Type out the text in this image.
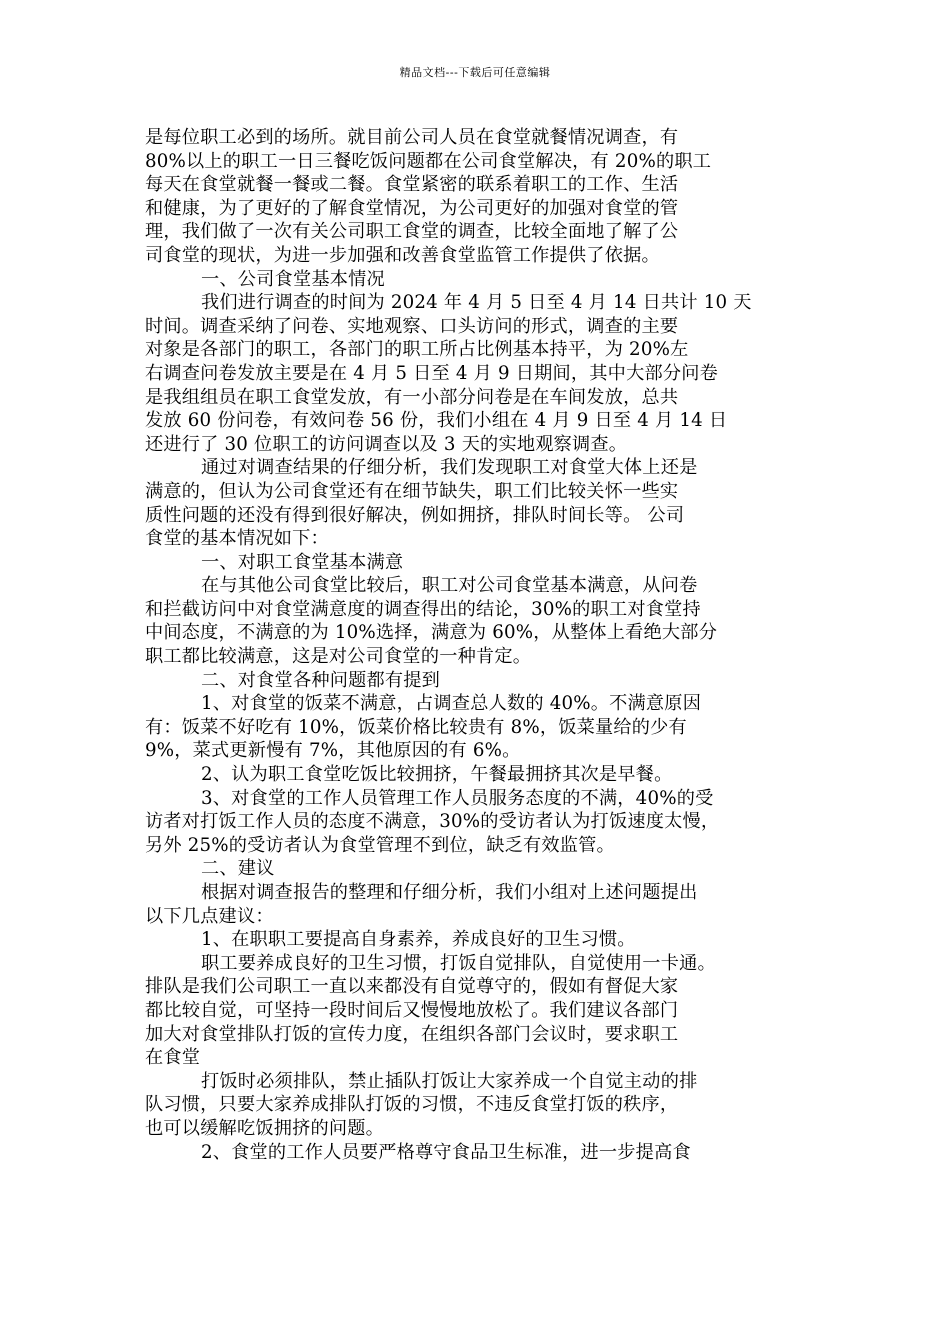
精品文档---下载后可任意编辑
是每位职工必到的场所。就目前公司人员在食堂就餐情况调查，有
80%以上的职工一日三餐吃饭问题都在公司食堂解决，有 20%的职工
每天在食堂就餐一餐或二餐。食堂紧密的联系着职工的工作、生活
和健康，为了更好的了解食堂情况，为公司更好的加强对食堂的管
理，我们做了一次有关公司职工食堂的调查，比较全面地了解了公
司食堂的现状，为进一步加强和改善食堂监管工作提供了依据。
一、公司食堂基本情况
我们进行调查的时间为 2024 年 4 月 5 日至 4 月 14 日共计 10 天
时间。调查采纳了问卷、实地观察、口头访问的形式，调查的主要
对象是各部门的职工，各部门的职工所占比例基本持平，为 20%左
右调查问卷发放主要是在 4 月 5 日至 4 月 9 日期间，其中大部分问卷
是我组组员在职工食堂发放，有一小部分问卷是在车间发放，总共
发放 60 份问卷，有效问卷 56 份，我们小组在 4 月 9 日至 4 月 14 日
还进行了 30 位职工的访问调查以及 3 天的实地观察调查。
通过对调查结果的仔细分析，我们发现职工对食堂大体上还是
满意的，但认为公司食堂还有在细节缺失，职工们比较关怀一些实
质性问题的还没有得到很好解决，例如拥挤，排队时间长等。 公司
食堂的基本情况如下：
一、对职工食堂基本满意
在与其他公司食堂比较后，职工对公司食堂基本满意，从问卷
和拦截访问中对食堂满意度的调查得出的结论，30%的职工对食堂持
中间态度，不满意的为 10%选择，满意为 60%，从整体上看绝大部分
职工都比较满意，这是对公司食堂的一种肯定。
二、对食堂各种问题都有提到
1、对食堂的饭菜不满意，占调查总人数的 40%。不满意原因
有：饭菜不好吃有 10%，饭菜价格比较贵有 8%，饭菜量给的少有
9%，菜式更新慢有 7%，其他原因的有 6%。
2、认为职工食堂吃饭比较拥挤，午餐最拥挤其次是早餐。
3、对食堂的工作人员管理工作人员服务态度的不满，40%的受
访者对打饭工作人员的态度不满意，30%的受访者认为打饭速度太慢，
另外 25%的受访者认为食堂管理不到位，缺乏有效监管。
二、建议
根据对调查报告的整理和仔细分析，我们小组对上述问题提出
以下几点建议：
1、在职职工要提高自身素养，养成良好的卫生习惯。
职工要养成良好的卫生习惯，打饭自觉排队，自觉使用一卡通。
排队是我们公司职工一直以来都没有自觉尊守的，假如有督促大家
都比较自觉，可坚持一段时间后又慢慢地放松了。我们建议各部门
加大对食堂排队打饭的宣传力度，在组织各部门会议时，要求职工
在食堂
打饭时必须排队，禁止插队打饭让大家养成一个自觉主动的排
队习惯，只要大家养成排队打饭的习惯，不违反食堂打饭的秩序，
也可以缓解吃饭拥挤的问题。
2、食堂的工作人员要严格尊守食品卫生标准，进一步提高食
